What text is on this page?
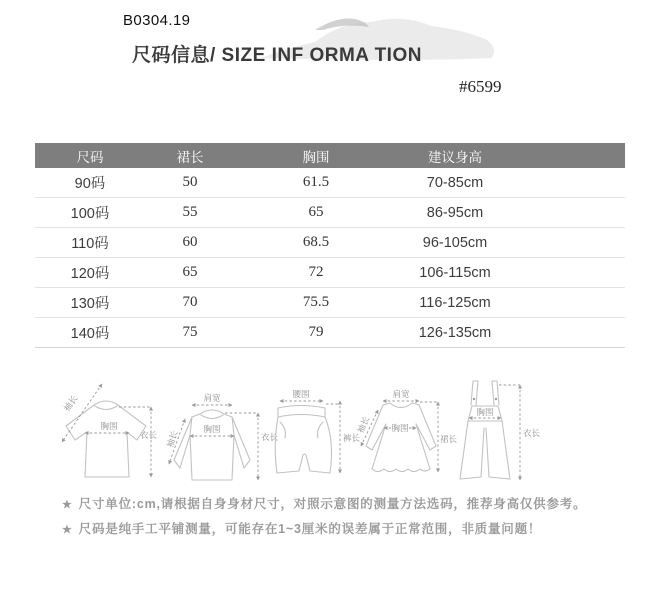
B0304.19
尺码信息/ SIZE INF ORMA TION
#6599
尺码	裙长	胸围	建议身高
90码	50	61.5	70-85cm
100码	55	65	86-95cm
110码	60	68.5	96-105cm
120码	65	72	106-115cm
130码	70	75.5	116-125cm
140码	75	79	126-135cm
袖长
胸围
衣长
肩宽
袖长
胸围
衣长
腰围
裤长
肩宽
袖长 胸围
裙长
胸围
衣长
★ 尺寸单位:cm,请根据自身身材尺寸，对照示意图的测量方法选码，推荐身高仅供参考。
★ 尺码是纯手工平铺测量，可能存在1~3厘米的误差属于正常范围，非质量问题！
